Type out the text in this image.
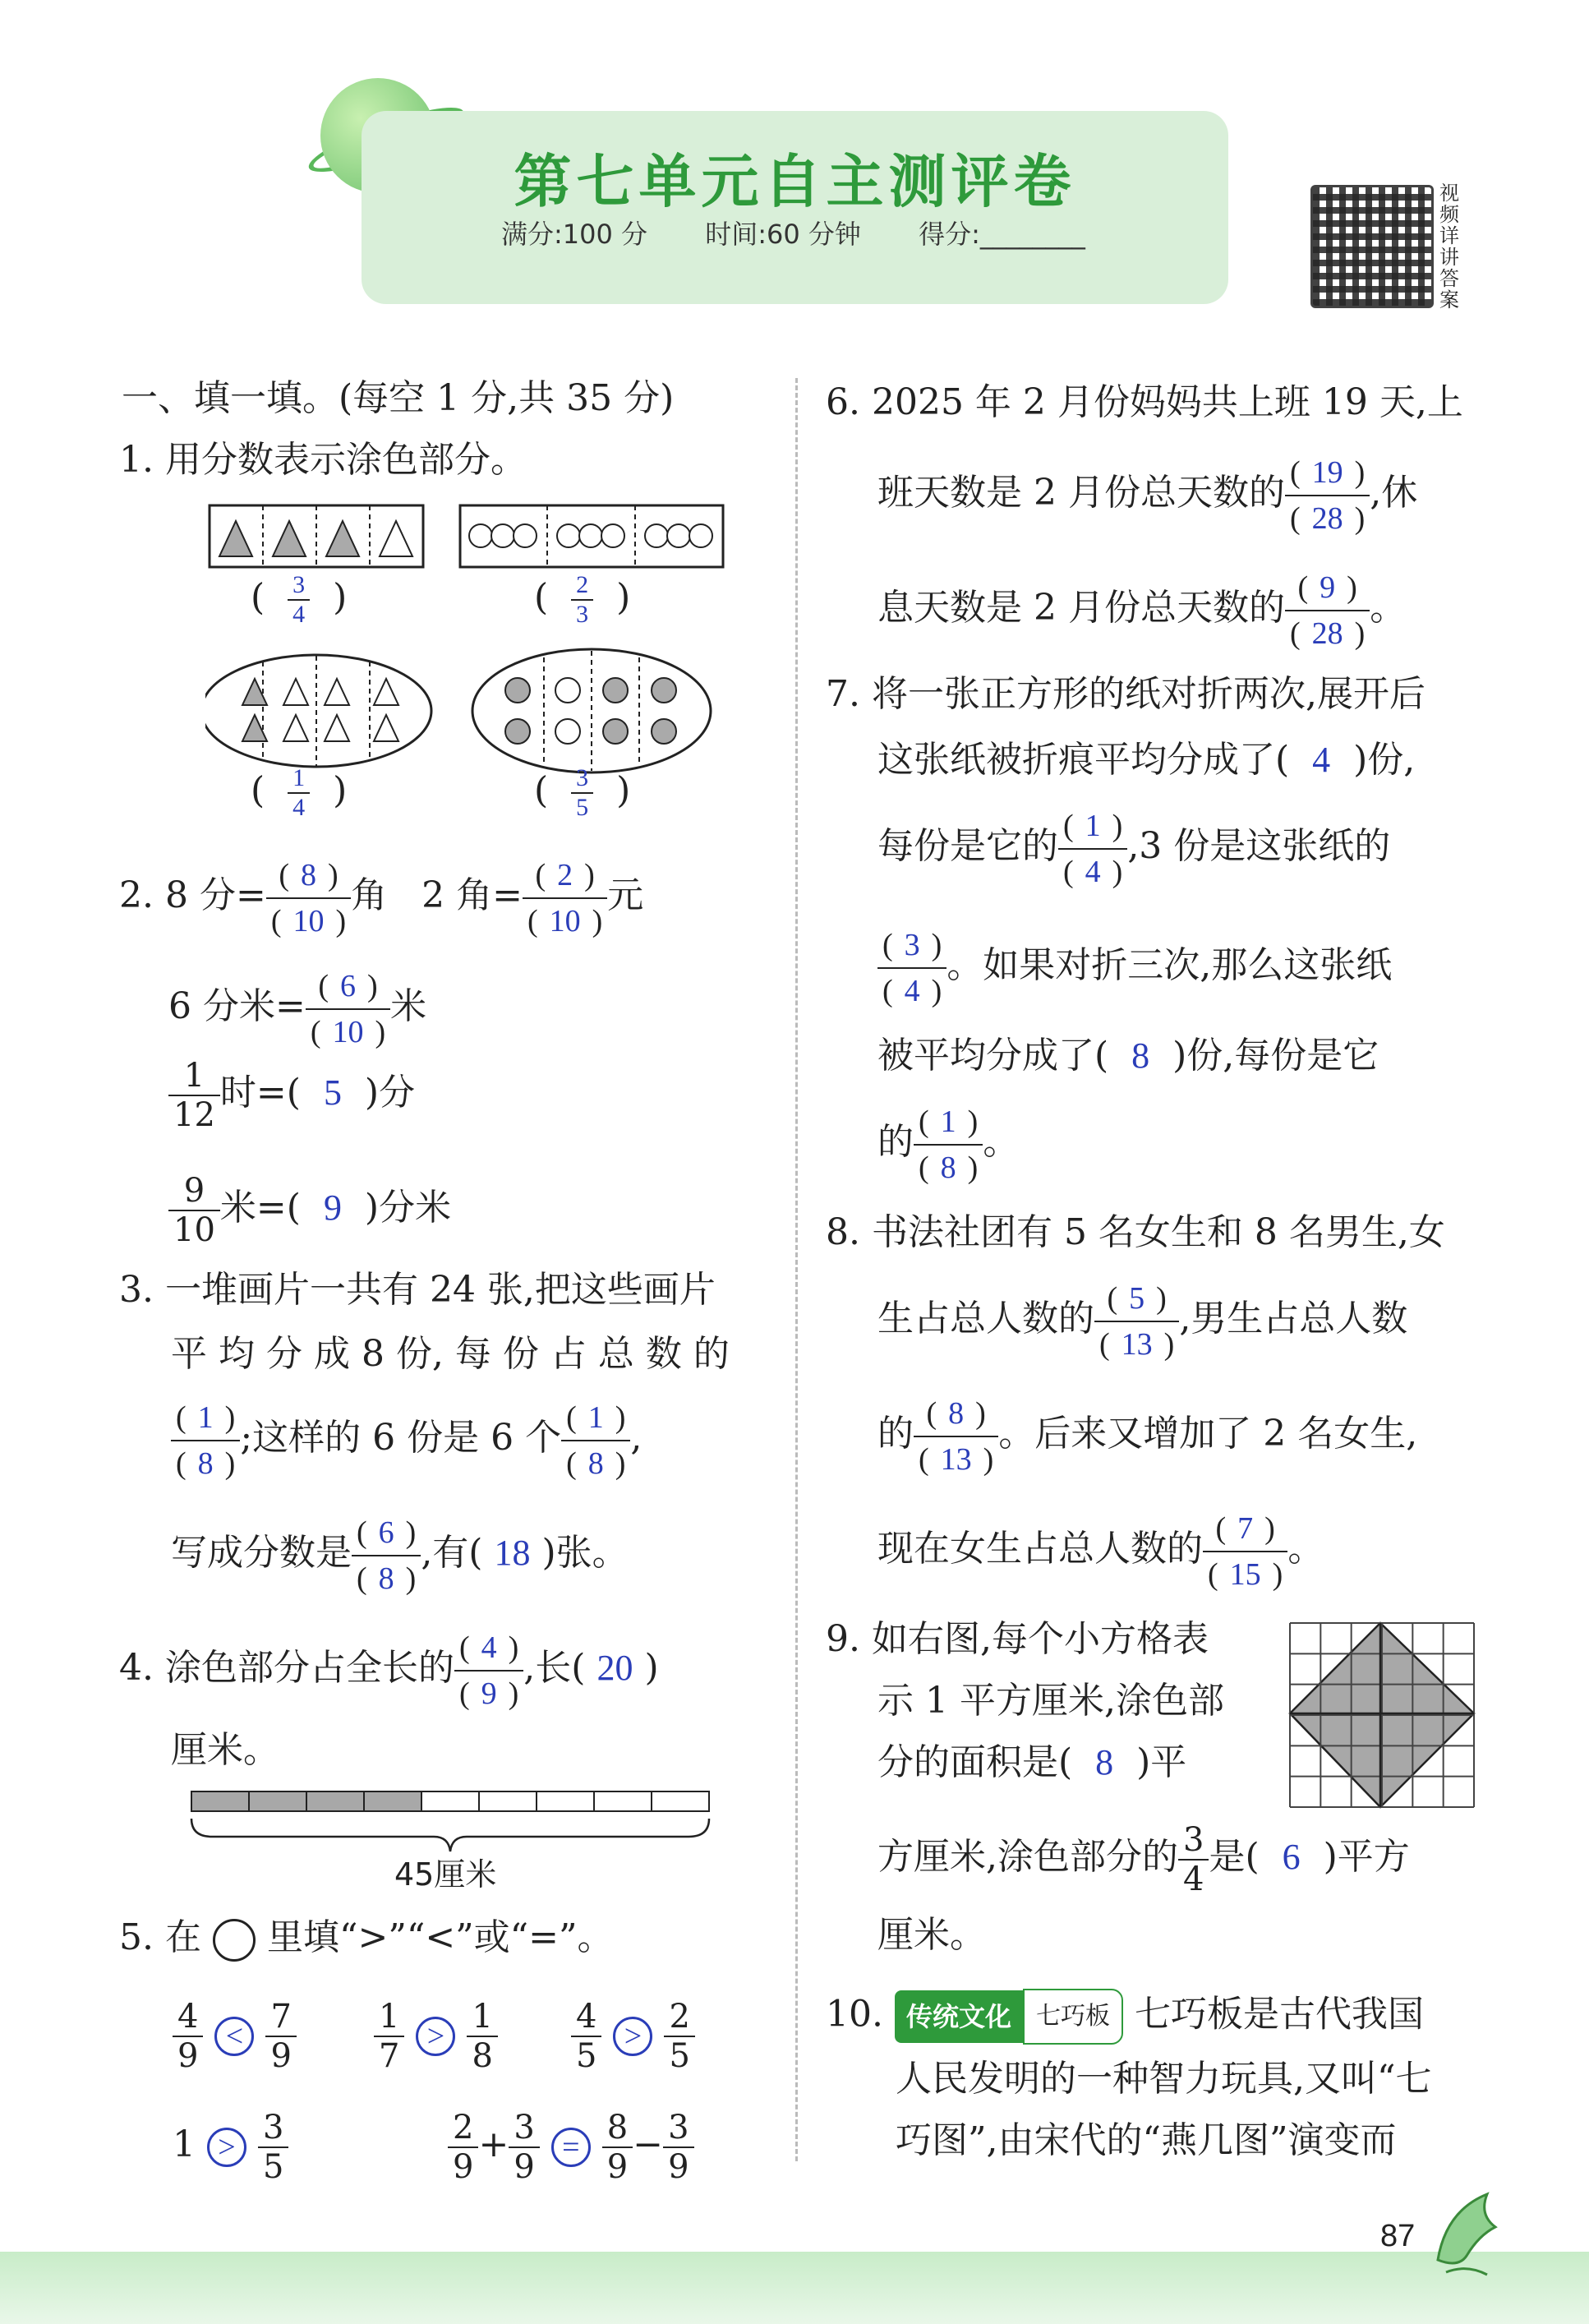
第七单元自主测评卷
满分:100 分 时间:60 分钟 得分:________
视频详讲答案
一、填一填。(每空 1 分,共 35 分)
1. 用分数表示涂色部分。
( $\frac{3}{4}$ )	( $\frac{2}{3}$ )
( $\frac{1}{4}$ )	( $\frac{3}{5}$ )
2. 8 分= ( 8 )
( 10 ) 角 2 角= ( 2 )
( 10 ) 元
6 分米= ( 6 )
( 10 ) 米
$\frac{1}{12}$ 时=( 5 )分
$\frac{9}{10}$ 米=( 9 )分米
3. 一堆画片一共有 24 张,把这些画片
平 均 分 成 8 份, 每 份 占 总 数 的
( 1 )
( 8 ) ;这样的 6 份是 6 个 ( 1 )
( 8 ) ,
写成分数是 ( 6 )
( 8 ) ,有( 18 )张。
4. 涂色部分占全长的 ( 4 )
( 9 ) ,长( 20 )
厘米。
45厘米
5. 在 里填“>”“<”或“=”。
$\frac{4}{9} < \frac{7}{9} \frac{1}{7} > \frac{1}{8} \frac{4}{5} > \frac{2}{5}$
$1 > \frac{3}{5}$	$\frac{2}{9} + \frac{3}{9} = \frac{8}{9} - \frac{3}{9}$
6. 2025 年 2 月份妈妈共上班 19 天,上
班天数是 2 月份总天数的 ( 19 )
( 28 ) ,休
息天数是 2 月份总天数的 ( 9 )
( 28 ) 。
7. 将一张正方形的纸对折两次,展开后
这张纸被折痕平均分成了( 4 )份,
每份是它的 ( 1 )
( 4 ) ,3 份是这张纸的
( 3 )
( 4 ) 。如果对折三次,那么这张纸
被平均分成了( 8 )份,每份是它
的 ( 1 )
( 8 ) 。
8. 书法社团有 5 名女生和 8 名男生,女
生占总人数的 ( 5 )
( 13 ) ,男生占总人数
的 ( 8 )
( 13 ) 。后来又增加了 2 名女生,
现在女生占总人数的 ( 7 )
( 15 ) 。
9. 如右图,每个小方格表
示 1 平方厘米,涂色部
分的面积是( 8 )平
方厘米,涂色部分的 $\frac{3}{4}$ 是( 6 )平方
厘米。
10. 传统文化 七巧板 七巧板是古代我国
人民发明的一种智力玩具,又叫“七
巧图”,由宋代的“燕几图”演变而
87
